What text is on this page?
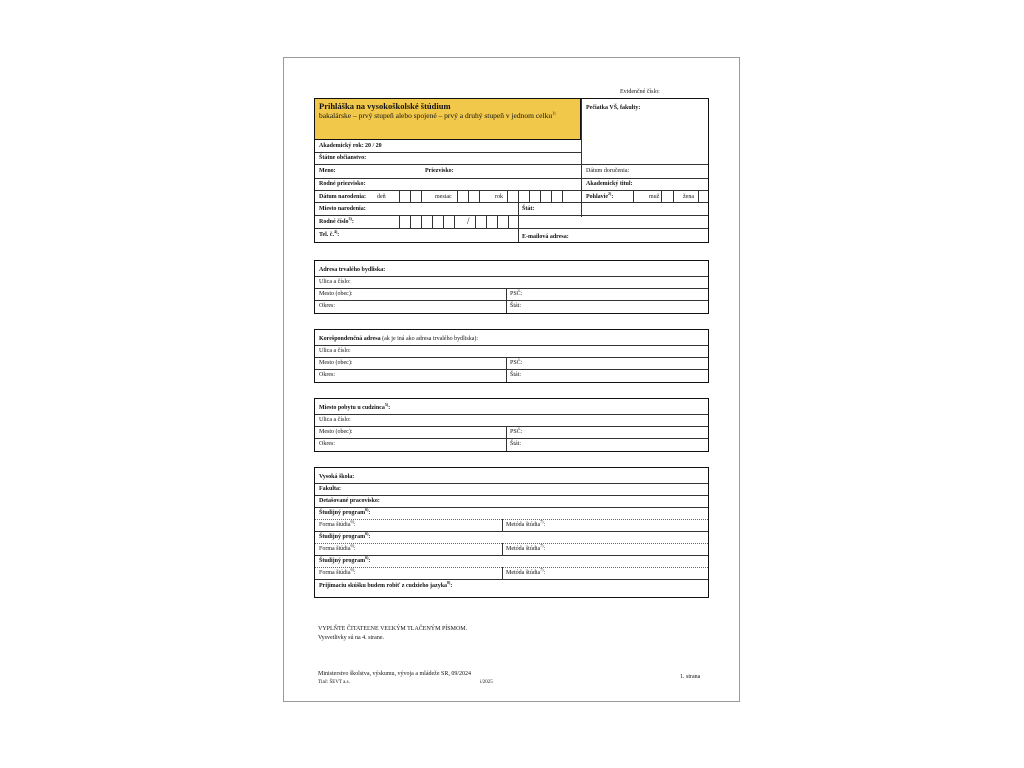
Evidenčné číslo:
Prihláška na vysokoškolské štúdium
bakalárske – prvý stupeň alebo spojené – prvý a druhý stupeň v jednom celku$^{1)}$
Pečiatka VŠ, fakulty:
Akademický rok: 20 / 20
Štátne občianstvo:
Meno:	Priezvisko:	Dátum doručenia:
Rodné priezvisko:	Akademický titul:
Dátum narodenia: deň	mesiac	rok	Pohlavie$^{2)}$:	muž	žena
Miesto narodenia:	Štát:
Rodné číslo$^{3)}$:	/
Tel. č.$^{4)}$:	E-mailová adresa:
Adresa trvalého bydliska:
Ulica a číslo:
Mesto (obec):	PSČ:
Okres:	Štát:
Korešpondenčná adresa (ak je iná ako adresa trvalého bydliska):
Ulica a číslo:
Mesto (obec):	PSČ:
Okres:	Štát:
Miesto pobytu u cudzinca$^{5)}$:
Ulica a číslo:
Mesto (obec):	PSČ:
Okres:	Štát:
Vysoká škola:
Fakulta:
Detašované pracovisko:
Študijný program$^{6)}$:
Forma štúdia$^{6)}$:	Metóda štúdia$^{7)}$:
Študijný program$^{6)}$:
Forma štúdia$^{6)}$:	Metóda štúdia$^{7)}$:
Študijný program$^{6)}$:
Forma štúdia$^{6)}$:	Metóda štúdia$^{7)}$:
Prijímaciu skúšku budem robiť z cudzieho jazyka$^{8)}$:
VYPLŇTE ČITATEĽNE VEĽKÝM TLAČENÝM PÍSMOM.
Vysvetlivky sú na 4. strane.
Ministerstvo školstva, výskumu, vývoja a mládeže SR, 09/2024
Tlač: ŠEVT a.s.	i/2025
1. strana
